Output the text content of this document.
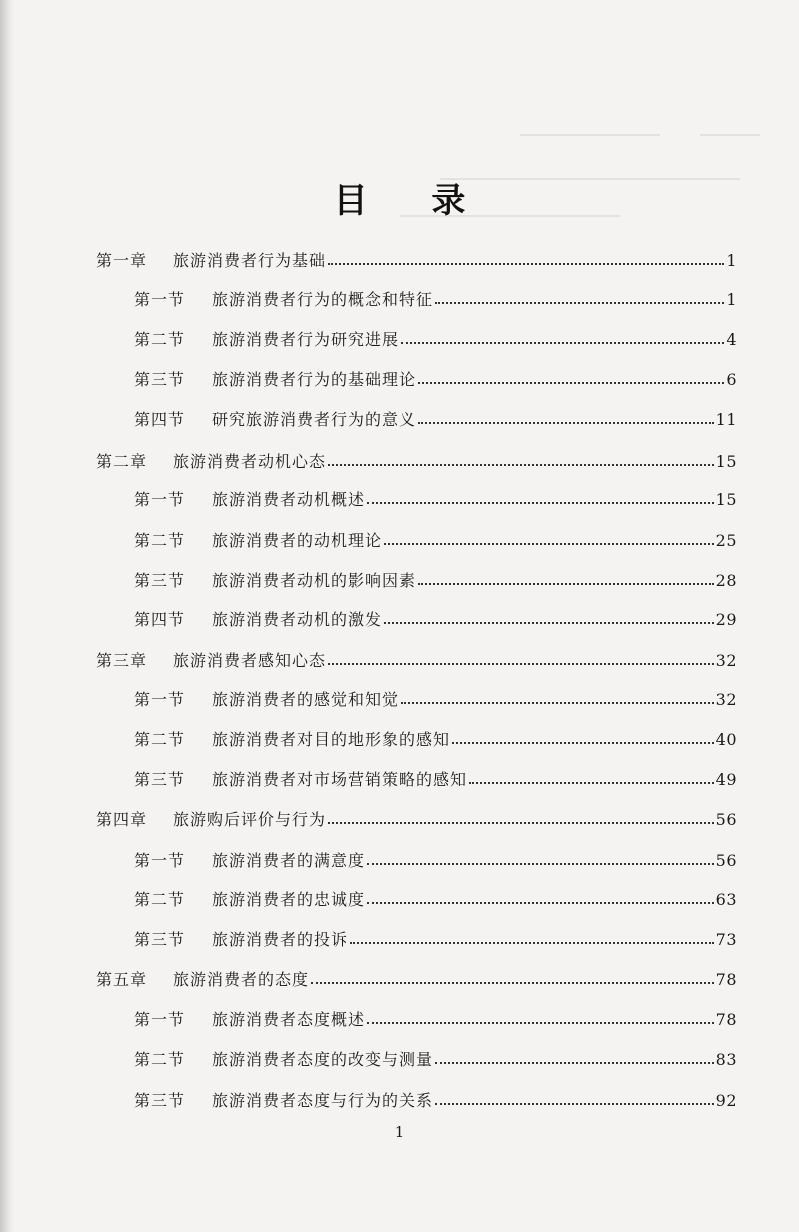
目 录
第一章	旅游消费者行为基础	1
第一节	旅游消费者行为的概念和特征	1
第二节	旅游消费者行为研究进展	4
第三节	旅游消费者行为的基础理论	6
第四节	研究旅游消费者行为的意义	11
第二章	旅游消费者动机心态	15
第一节	旅游消费者动机概述	15
第二节	旅游消费者的动机理论	25
第三节	旅游消费者动机的影响因素	28
第四节	旅游消费者动机的激发	29
第三章	旅游消费者感知心态	32
第一节	旅游消费者的感觉和知觉	32
第二节	旅游消费者对目的地形象的感知	40
第三节	旅游消费者对市场营销策略的感知	49
第四章	旅游购后评价与行为	56
第一节	旅游消费者的满意度	56
第二节	旅游消费者的忠诚度	63
第三节	旅游消费者的投诉	73
第五章	旅游消费者的态度	78
第一节	旅游消费者态度概述	78
第二节	旅游消费者态度的改变与测量	83
第三节	旅游消费者态度与行为的关系	92
1
